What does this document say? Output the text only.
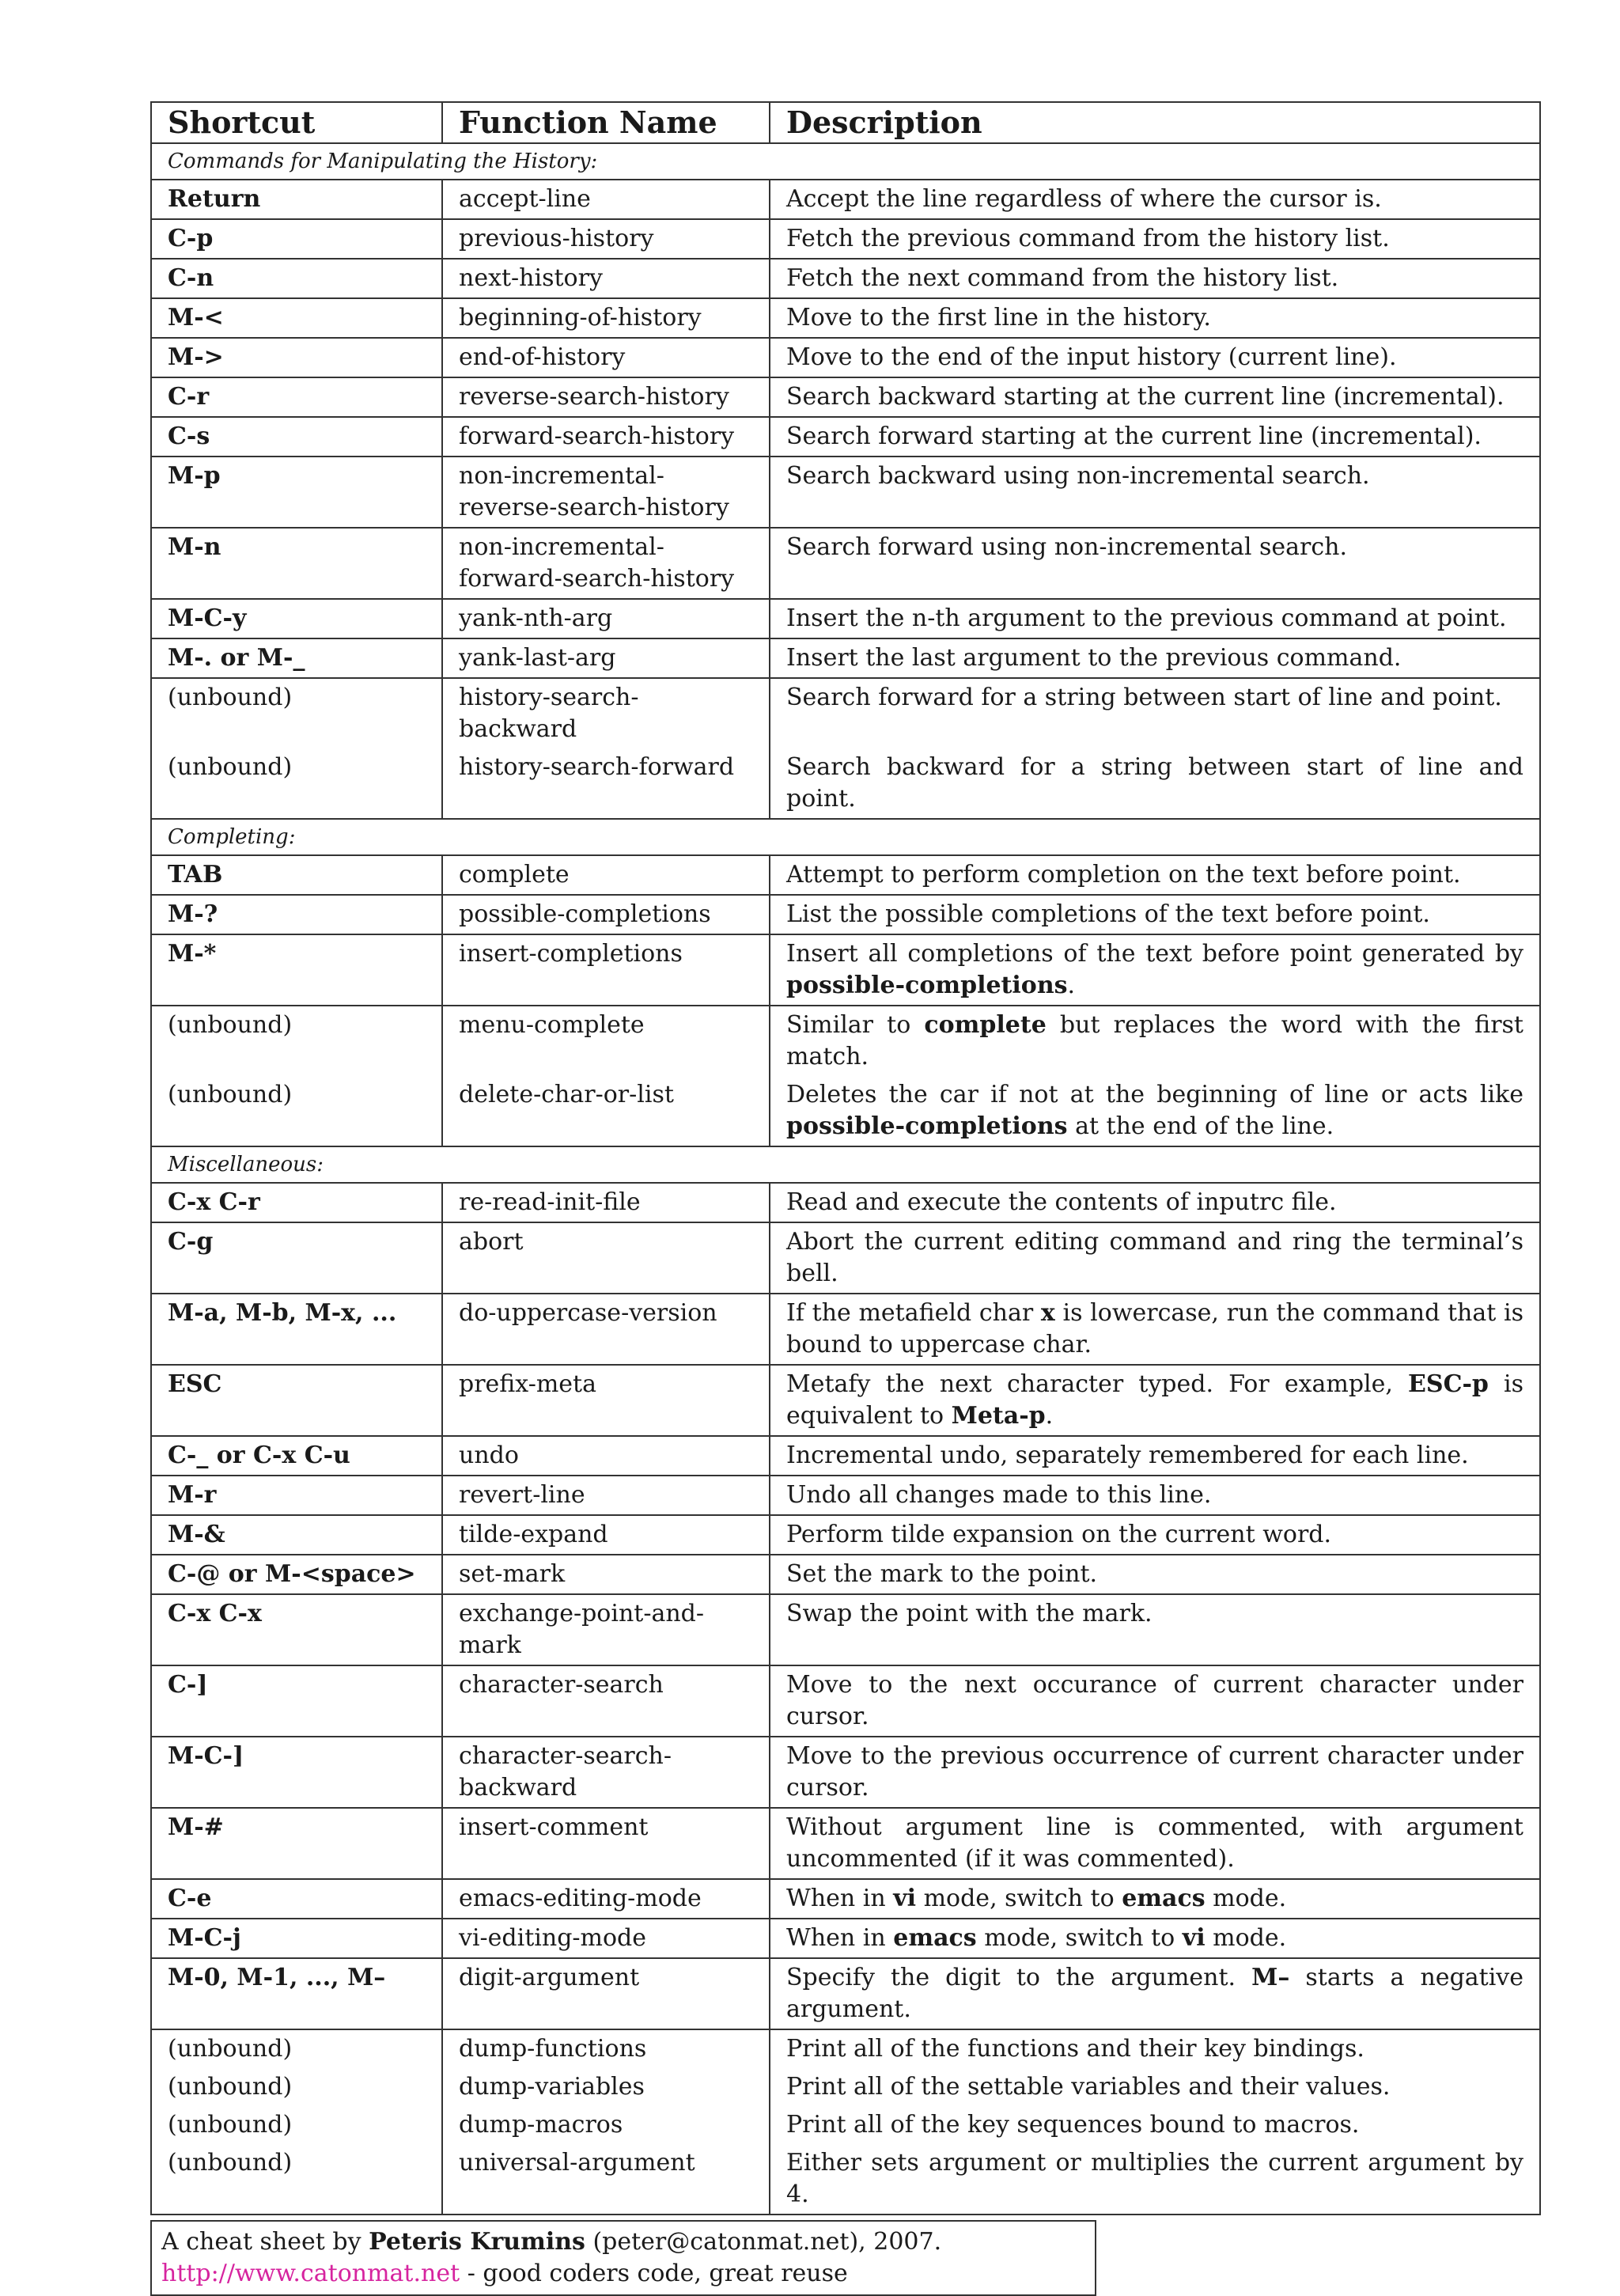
Shortcut	Function Name	Description
Commands for Manipulating the History:		
Return	accept-line	Accept the line regardless of where the cursor is.
C-p	previous-history	Fetch the previous command from the history list.
C-n	next-history	Fetch the next command from the history list.
M-<	beginning-of-history	Move to the first line in the history.
M->	end-of-history	Move to the end of the input history (current line).
C-r	reverse-search-history	Search backward starting at the current line (incremental).
C-s	forward-search-history	Search forward starting at the current line (incremental).
M-p	non-incremental-reverse-search-history	Search backward using non-incremental search.
M-n	non-incremental-forward-search-history	Search forward using non-incremental search.
M-C-y	yank-nth-arg	Insert the n-th argument to the previous command at point.
M-. or M-_	yank-last-arg	Insert the last argument to the previous command.
(unbound)	history-search-backward	Search forward for a string between start of line and point.
(unbound)	history-search-forward	Search backward for a string between start of line and point.
Completing:		
TAB	complete	Attempt to perform completion on the text before point.
M-?	possible-completions	List the possible completions of the text before point.
M-*	insert-completions	Insert all completions of the text before point generated by possible-completions.
(unbound)	menu-complete	Similar to complete but replaces the word with the first match.
(unbound)	delete-char-or-list	Deletes the car if not at the beginning of line or acts like possible-completions at the end of the line.
Miscellaneous:		
C-x C-r	re-read-init-file	Read and execute the contents of inputrc file.
C-g	abort	Abort the current editing command and ring the terminal’s bell.
M-a, M-b, M-x, ...	do-uppercase-version	If the metafield char x is lowercase, run the command that is bound to uppercase char.
ESC	prefix-meta	Metafy the next character typed. For example, ESC-p is equivalent to Meta-p.
C-_ or C-x C-u	undo	Incremental undo, separately remembered for each line.
M-r	revert-line	Undo all changes made to this line.
M-&	tilde-expand	Perform tilde expansion on the current word.
C-@ or M-<space>	set-mark	Set the mark to the point.
C-x C-x	exchange-point-and-mark	Swap the point with the mark.
C-]	character-search	Move to the next occurance of current character under cursor.
M-C-]	character-search-backward	Move to the previous occurrence of current character under cursor.
M-#	insert-comment	Without argument line is commented, with argument uncommented (if it was commented).
C-e	emacs-editing-mode	When in vi mode, switch to emacs mode.
M-C-j	vi-editing-mode	When in emacs mode, switch to vi mode.
M-0, M-1, ..., M–	digit-argument	Specify the digit to the argument. M– starts a negative argument.
(unbound)	dump-functions	Print all of the functions and their key bindings.
(unbound)	dump-variables	Print all of the settable variables and their values.
(unbound)	dump-macros	Print all of the key sequences bound to macros.
(unbound)	universal-argument	Either sets argument or multiplies the current argument by 4.
A cheat sheet by Peteris Krumins (peter@catonmat.net), 2007.
http://www.catonmat.net - good coders code, great reuse
